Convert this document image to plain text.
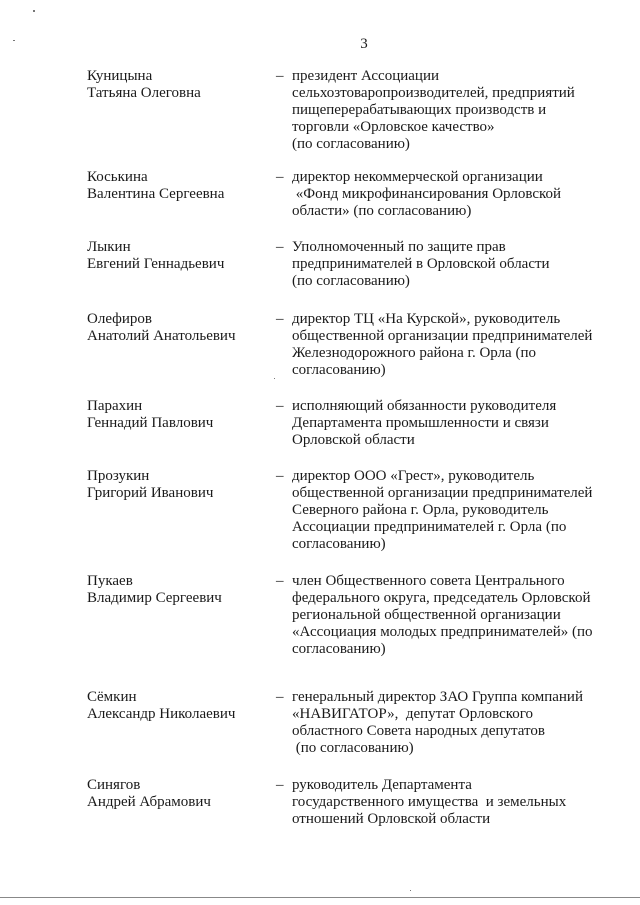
3
Куницына
Татьяна Олеговна
– президент Ассоциации
сельхозтоваропроизводителей, предприятий
пищеперерабатывающих производств и
торговли «Орловское качество»
(по согласованию)
Коськина
Валентина Сергеевна
– директор некоммерческой организации
«Фонд микрофинансирования Орловской
области» (по согласованию)
Лыкин
Евгений Геннадьевич
– Уполномоченный по защите прав
предпринимателей в Орловской области
(по согласованию)
Олефиров
Анатолий Анатольевич
– директор ТЦ «На Курской», руководитель
общественной организации предпринимателей
Железнодорожного района г. Орла (по
согласованию)
Парахин
Геннадий Павлович
– исполняющий обязанности руководителя
Департамента промышленности и связи
Орловской области
Прозукин
Григорий Иванович
– директор ООО «Грест», руководитель
общественной организации предпринимателей
Северного района г. Орла, руководитель
Ассоциации предпринимателей г. Орла (по
согласованию)
Пукаев
Владимир Сергеевич
– член Общественного совета Центрального
федерального округа, председатель Орловской
региональной общественной организации
«Ассоциация молодых предпринимателей» (по
согласованию)
Сёмкин
Александр Николаевич
– генеральный директор ЗАО Группа компаний
«НАВИГАТОР»,  депутат Орловского
областного Совета народных депутатов
(по согласованию)
Синягов
Андрей Абрамович
– руководитель Департамента
государственного имущества  и земельных
отношений Орловской области
